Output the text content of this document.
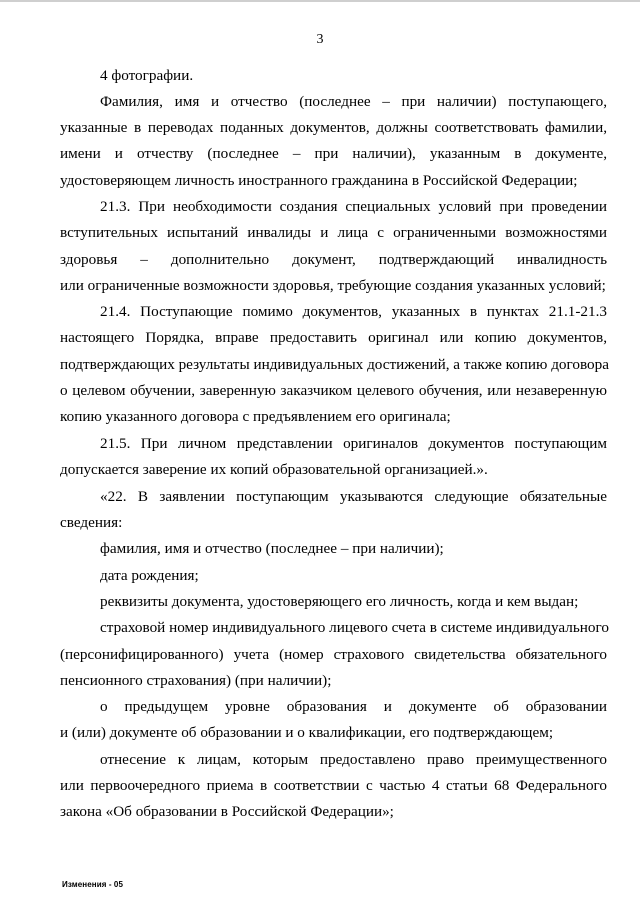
3
4 фотографии.
Фамилия, имя и отчество (последнее – при наличии) поступающего,
указанные в переводах поданных документов, должны соответствовать фамилии,
имени и отчеству (последнее – при наличии), указанным в документе,
удостоверяющем личность иностранного гражданина в Российской Федерации;
21.3. При необходимости создания специальных условий при проведении
вступительных испытаний инвалиды и лица с ограниченными возможностями
здоровья – дополнительно документ, подтверждающий инвалидность
или ограниченные возможности здоровья, требующие создания указанных условий;
21.4. Поступающие помимо документов, указанных в пунктах 21.1-21.3
настоящего Порядка, вправе предоставить оригинал или копию документов,
подтверждающих результаты индивидуальных достижений, а также копию договора
о целевом обучении, заверенную заказчиком целевого обучения, или незаверенную
копию указанного договора с предъявлением его оригинала;
21.5. При личном представлении оригиналов документов поступающим
допускается заверение их копий образовательной организацией.».
«22. В заявлении поступающим указываются следующие обязательные
сведения:
фамилия, имя и отчество (последнее – при наличии);
дата рождения;
реквизиты документа, удостоверяющего его личность, когда и кем выдан;
страховой номер индивидуального лицевого счета в системе индивидуального
(персонифицированного) учета (номер страхового свидетельства обязательного
пенсионного страхования) (при наличии);
о предыдущем уровне образования и документе об образовании
и (или) документе об образовании и о квалификации, его подтверждающем;
отнесение к лицам, которым предоставлено право преимущественного
или первоочередного приема в соответствии с частью 4 статьи 68 Федерального
закона «Об образовании в Российской Федерации»;
Изменения - 05
